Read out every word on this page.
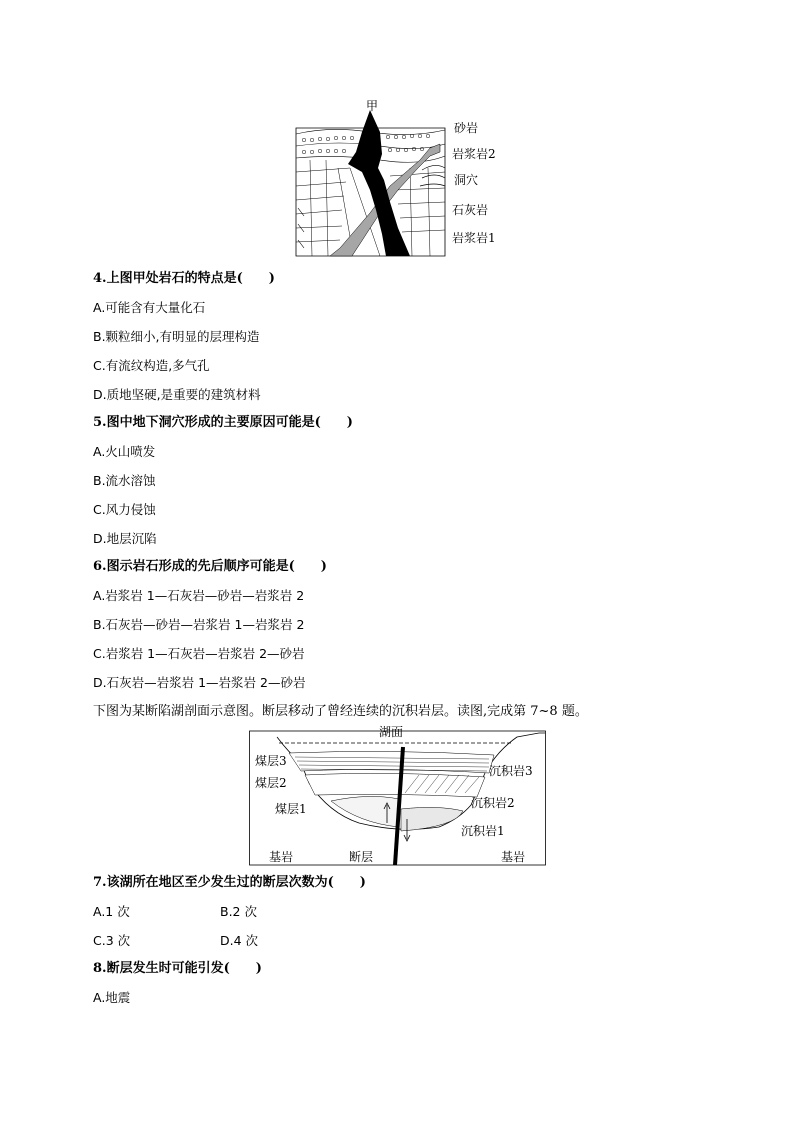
甲
砂岩
岩浆岩2
洞穴
石灰岩
岩浆岩1
4.上图甲处岩石的特点是(　　)
A.可能含有大量化石
B.颗粒细小,有明显的层理构造
C.有流纹构造,多气孔
D.质地坚硬,是重要的建筑材料
5.图中地下洞穴形成的主要原因可能是(　　)
A.火山喷发
B.流水溶蚀
C.风力侵蚀
D.地层沉陷
6.图示岩石形成的先后顺序可能是(　　)
A.岩浆岩 1—石灰岩—砂岩—岩浆岩 2
B.石灰岩—砂岩—岩浆岩 1—岩浆岩 2
C.岩浆岩 1—石灰岩—岩浆岩 2—砂岩
D.石灰岩—岩浆岩 1—岩浆岩 2—砂岩
下图为某断陷湖剖面示意图。断层移动了曾经连续的沉积岩层。读图,完成第 7~8 题。
湖面
煤层3
煤层2
煤层1
沉积岩3
沉积岩2
沉积岩1
基岩	断层	基岩
7.该湖所在地区至少发生过的断层次数为(　　)
A.1 次	B.2 次
C.3 次	D.4 次
8.断层发生时可能引发(　　)
A.地震
